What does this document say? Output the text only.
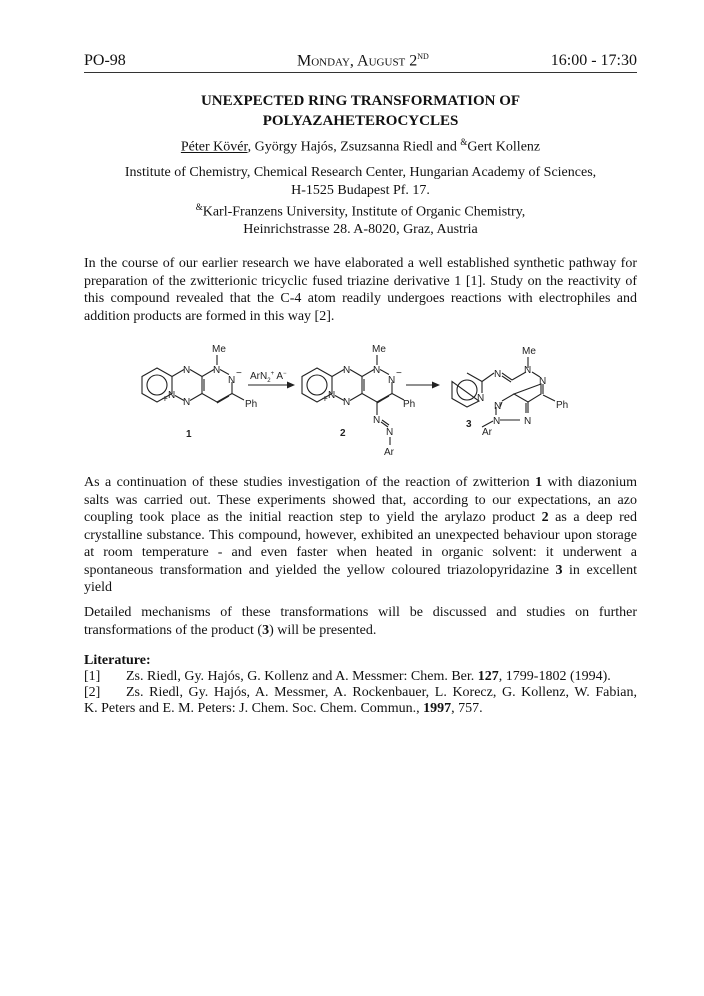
PO-98	Monday, August 2ND	16:00 - 17:30
UNEXPECTED RING TRANSFORMATION OF
POLYAZAHETEROCYCLES
Péter Kövér, György Hajós, Zsuzsanna Riedl and &Gert Kollenz
Institute of Chemistry, Chemical Research Center, Hungarian Academy of Sciences,
H-1525 Budapest Pf. 17.
&Karl-Franzens University, Institute of Organic Chemistry,
Heinrichstrasse 28. A-8020, Graz, Austria
In the course of our earlier research we have elaborated a well established synthetic pathway for
preparation of the zwitterionic tricyclic fused triazine derivative 1 [1]. Study on the reactivity of
this compound revealed that the C-4 atom readily undergoes reactions with electrophiles and
addition products are formed in this way [2].
N
N
N
+
N
Me
N
−
Ph
ArN$_2$+ A−
1
N
N
N
+
N
Me
N
−
Ph
N
N
Ar
2
N
N
N
Me
N
Ph
N
N N
Ar
3
As a continuation of these studies investigation of the reaction of zwitterion 1 with diazonium
salts was carried out. These experiments showed that, according to our expectations, an azo
coupling took place as the initial reaction step to yield the arylazo product 2 as a deep red
crystalline substance. This compound, however, exhibited an unexpected behaviour upon storage
at room temperature - and even faster when heated in organic solvent: it underwent a
spontaneous transformation and yielded the yellow coloured triazolopyridazine 3 in excellent
yield
Detailed mechanisms of these transformations will be discussed and studies on further
transformations of the product (3) will be presented.
Literature:
[1] Zs. Riedl, Gy. Hajós, G. Kollenz and A. Messmer: Chem. Ber. 127, 1799-1802 (1994).
[2] Zs. Riedl, Gy. Hajós, A. Messmer, A. Rockenbauer, L. Korecz, G. Kollenz, W. Fabian,
K. Peters and E. M. Peters: J. Chem. Soc. Chem. Commun., 1997, 757.
